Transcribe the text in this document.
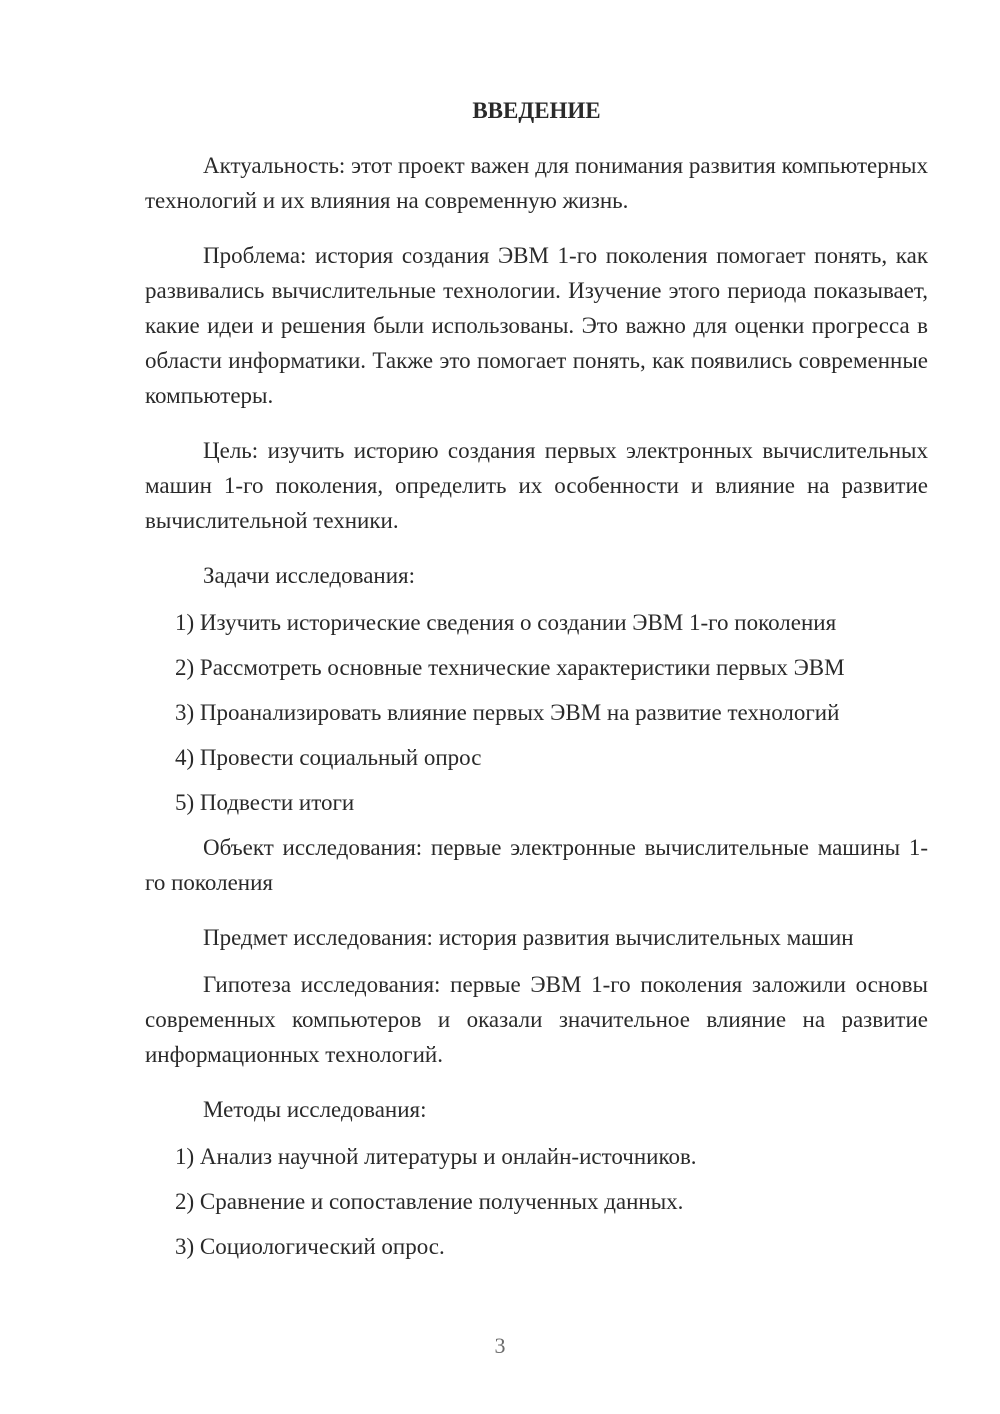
ВВЕДЕНИЕ

Актуальность: этот проект важен для понимания развития компьютерных технологий и их влияния на современную жизнь.

Проблема: история создания ЭВМ 1-го поколения помогает понять, как развивались вычислительные технологии. Изучение этого периода показывает, какие идеи и решения были использованы. Это важно для оценки прогресса в области информатики. Также это помогает понять, как появились современные компьютеры.

Цель: изучить историю создания первых электронных вычислительных машин 1-го поколения, определить их особенности и влияние на развитие вычислительной техники.

Задачи исследования:

1) Изучить исторические сведения о создании ЭВМ 1-го поколения
2) Рассмотреть основные технические характеристики первых ЭВМ
3) Проанализировать влияние первых ЭВМ на развитие технологий
4) Провести социальный опрос
5) Подвести итоги

Объект исследования: первые электронные вычислительные машины 1-го поколения

Предмет исследования: история развития вычислительных машин

Гипотеза исследования: первые ЭВМ 1-го поколения заложили основы современных компьютеров и оказали значительное влияние на развитие информационных технологий.

Методы исследования:

1) Анализ научной литературы и онлайн-источников.
2) Сравнение и сопоставление полученных данных.
3) Социологический опрос.
3
